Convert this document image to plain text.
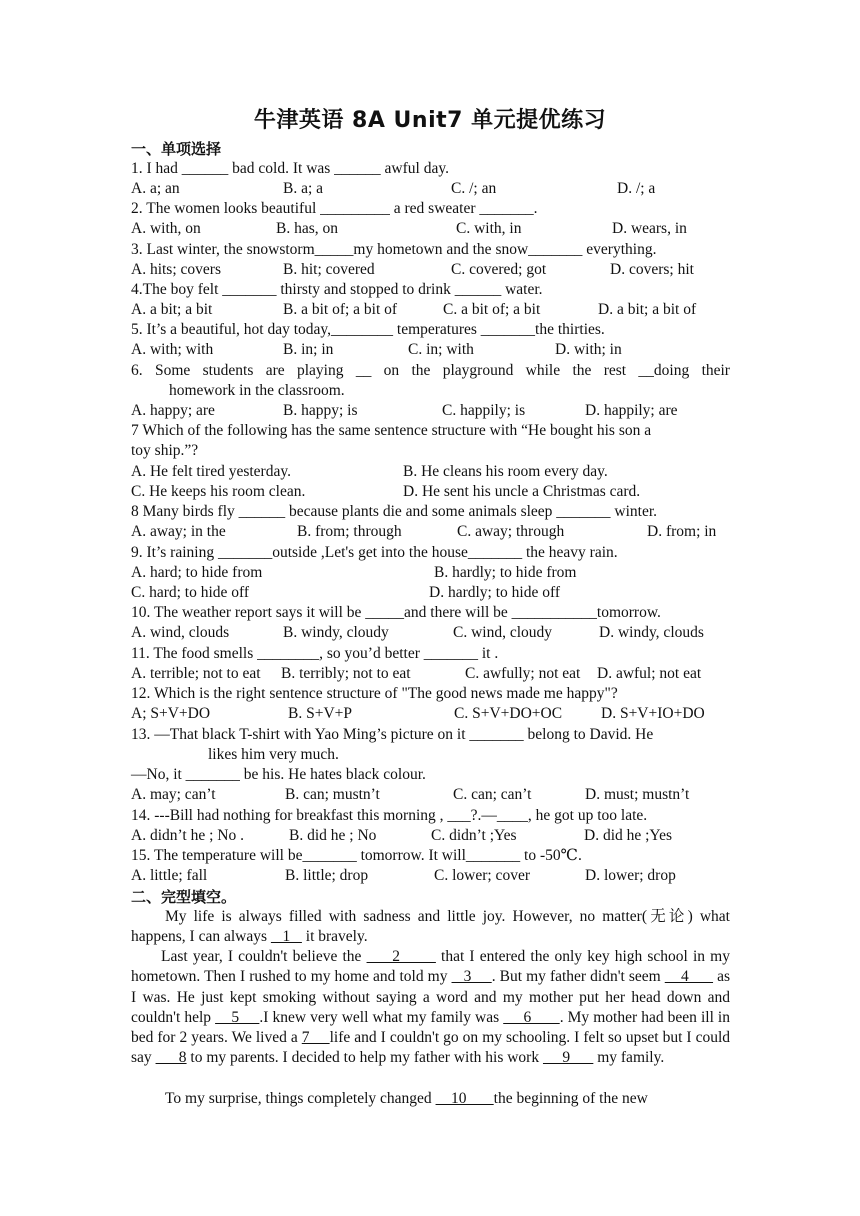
牛津英语 8A Unit7 单元提优练习
一、单项选择
1. I had ______ bad cold. It was ______ awful day.
A. a; an	B. a; a	C. /; an	D. /; a
2. The women looks beautiful _________ a red sweater _______.
A. with, on	B. has, on	C. with, in	D. wears, in
3. Last winter, the snowstorm_____my hometown and the snow_______ everything.
A. hits; covers	B. hit; covered	C. covered; got	D. covers; hit
4.The boy felt _______ thirsty and stopped to drink ______ water.
A. a bit; a bit	B. a bit of; a bit of	C. a bit of; a bit	D. a bit; a bit of
5. It’s a beautiful, hot day today,________ temperatures _______the thirties.
A. with; with	B. in; in	C. in; with	D. with; in
6. Some students are playing __ on the playground while the rest __doing their
homework in the classroom.
A. happy; are	B. happy; is	C. happily; is	D. happily; are
7 Which of the following has the same sentence structure with “He bought his son a
toy ship.”?
A. He felt tired yesterday.	B. He cleans his room every day.
C. He keeps his room clean.	D. He sent his uncle a Christmas card.
8 Many birds fly ______ because plants die and some animals sleep _______ winter.
A. away; in the	B. from; through	C. away; through	D. from; in
9. It’s raining _______outside ,Let's get into the house_______ the heavy rain.
A. hard; to hide from	B. hardly; to hide from
C. hard; to hide off	D. hardly; to hide off
10. The weather report says it will be _____and there will be ___________tomorrow.
A. wind, clouds	B. windy, cloudy	C. wind, cloudy	D. windy, clouds
11. The food smells ________, so you’d better _______ it .
A. terrible; not to eat B. terribly; not to eat	C. awfully; not eat D. awful; not eat
12. Which is the right sentence structure of "The good news made me happy"?
A; S+V+DO	B. S+V+P	C. S+V+DO+OC	D. S+V+IO+DO
13. —That black T-shirt with Yao Ming’s picture on it _______ belong to David. He
likes him very much.
—No, it _______ be his. He hates black colour.
A. may; can’t	B. can; mustn’t	C. can; can’t	D. must; mustn’t
14. ---Bill had nothing for breakfast this morning , ___?.—____, he got up too late.
A. didn’t he ; No .	B. did he ; No	C. didn’t ;Yes	D. did he ;Yes
15. The temperature will be_______ tomorrow. It will_______ to -50℃.
A. little; fall	B. little; drop	C. lower; cover	D. lower; drop
二、完型填空。
My life is always filled with sadness and little joy. However, no matter(无论) what happens, I can always    1    it bravely.
Last year, I couldn't believe the      2        that I entered the only key high school in my hometown. Then I rushed to my home and told my    3     . But my father didn't seem     4       as I was. He just kept smoking without saying a word and my mother put her head down and couldn't help     5     .I knew very well what my family was      6       . My mother had been ill in bed for 2 years. We lived a 7     life and I couldn't go on my schooling. I felt so upset but I could say       8 to my parents. I decided to help my father with his work      9       my family.
To my surprise, things completely changed     10       the beginning of the new
